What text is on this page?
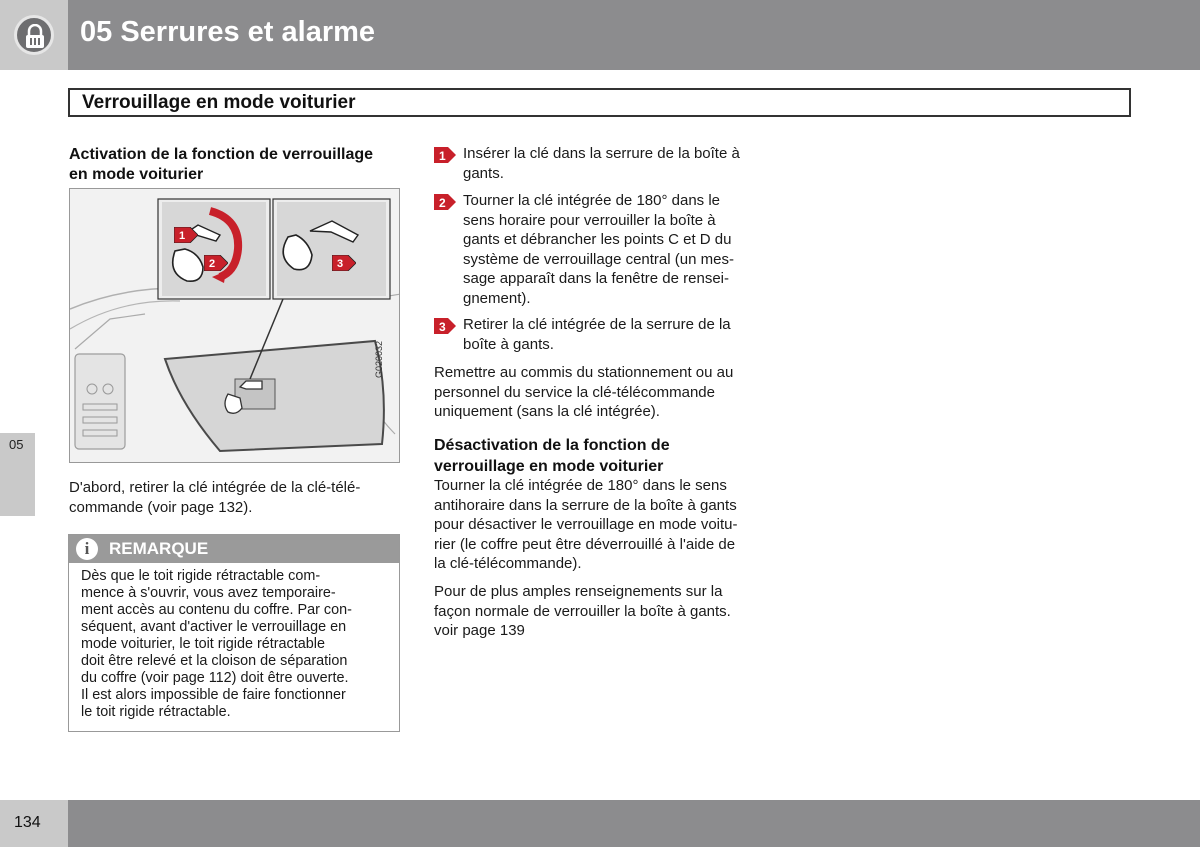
05 Serrures et alarme
Verrouillage en mode voiturier
05
Activation de la fonction de verrouillage
en mode voiturier
1
2	3
G020032
D'abord, retirer la clé intégrée de la clé-télé-
commande (voir page 132).
i	REMARQUE
Dès que le toit rigide rétractable com-
mence à s'ouvrir, vous avez temporaire-
ment accès au contenu du coffre. Par con-
séquent, avant d'activer le verrouillage en
mode voiturier, le toit rigide rétractable
doit être relevé et la cloison de séparation
du coffre (voir page 112) doit être ouverte.
Il est alors impossible de faire fonctionner
le toit rigide rétractable.
1 Insérer la clé dans la serrure de la boîte à
gants.
2 Tourner la clé intégrée de 180° dans le
sens horaire pour verrouiller la boîte à
gants et débrancher les points C et D du
système de verrouillage central (un mes-
sage apparaît dans la fenêtre de rensei-
gnement).
3 Retirer la clé intégrée de la serrure de la
boîte à gants.
Remettre au commis du stationnement ou au
personnel du service la clé-télécommande
uniquement (sans la clé intégrée).
Désactivation de la fonction de
verrouillage en mode voiturier
Tourner la clé intégrée de 180° dans le sens
antihoraire dans la serrure de la boîte à gants
pour désactiver le verrouillage en mode voitu-
rier (le coffre peut être déverrouillé à l'aide de
la clé-télécommande).
Pour de plus amples renseignements sur la
façon normale de verrouiller la boîte à gants.
voir page 139
134
